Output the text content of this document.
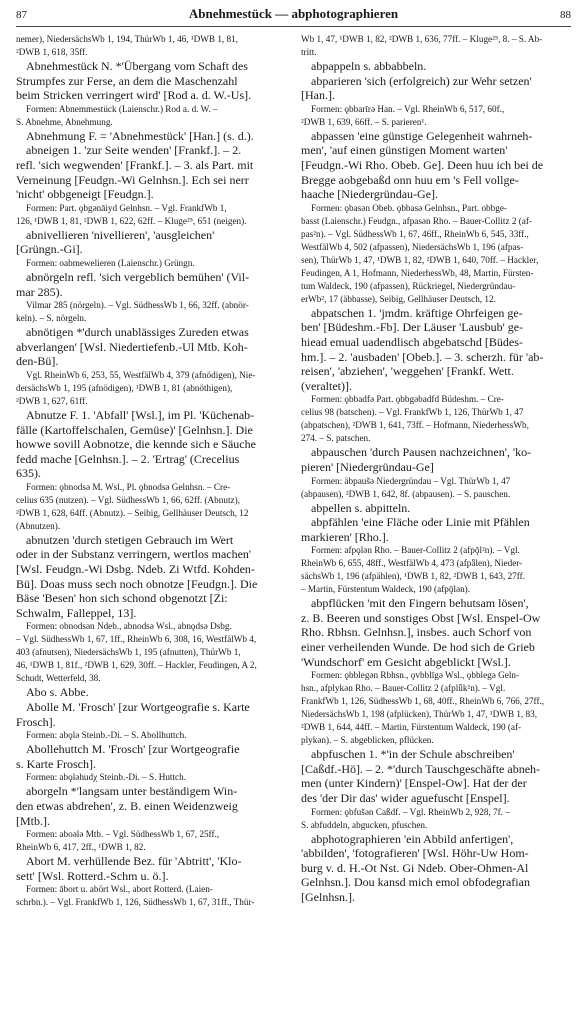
87	Abnehmestück — abphotographieren	88
nemer), NiedersächsWb 1, 194, ThürWb 1, 46, ¹DWB 1, 81,
²DWB 1, 618, 35ff.
Abnehmestück N. *'Übergang vom Schaft des
Strumpfes zur Ferse, an dem die Maschenzahl
beim Stricken verringert wird' [Rod a. d. W.-Us].
Formen: Abnemmestück (Laienschr.) Rod a. d. W. –
S. Abnehme, Abnehmung.
Abnehmung F. = 'Abnehmestück' [Han.] (s. d.).
abneigen 1. 'zur Seite wenden' [Frankf.]. – 2.
refl. 'sich wegwenden' [Frankf.]. – 3. als Part. mit
Verneinung [Feudgn.-Wi Gelnhsn.]. Ech sei nerr
'nicht' obbgeneigt [Feudgn.].
Formen: Part. ǫbgənāiyd Gelnhsn. – Vgl. FrankfWb 1,
126, ¹DWB 1, 81, ²DWB 1, 622, 62ff. – Kluge²⁵, 651 (neigen).
abnivellieren 'nivellieren', 'ausgleichen'
[Grüngn.-Gi].
Formen: oabmewelieren (Laienschr.) Grüngn.
abnörgeln refl. 'sich vergeblich bemühen' (Vil-
mar 285).
Vilmar 285 (nörgeln). – Vgl. SüdhessWb 1, 66, 32ff. (abnör-
keln). – S. nörgeln.
abnötigen *'durch unablässiges Zureden etwas
abverlangen' [Wsl. Niedertiefenb.-Ul Mtb. Koh-
den-Bü].
Vgl. RheinWb 6, 253, 55, WestfälWb 4, 379 (afnödigen), Nie-
dersächsWb 1, 195 (afnödigen), ¹DWB 1, 81 (abnöthigen),
²DWB 1, 627, 61ff.
Abnutze F. 1. 'Abfall' [Wsl.], im Pl. 'Küchenab-
fälle (Kartoffelschalen, Gemüse)' [Gelnhsn.]. Die
howwe sovill Aobnotze, die kennde sich e Säuche
fedd mache [Gelnhsn.]. – 2. 'Ertrag' (Crecelius
635).
Formen: ǫbnodsə M. Wsl., Pl. ǫbnodsə Gelnhsn. – Cre-
celius 635 (nutzen). – Vgl. SüdhessWb 1, 66, 62ff. (Abnutz),
²DWB 1, 628, 64ff. (Abnutz). – Seibig, Gellhäuser Deutsch, 12
(Abnutzen).
abnutzen 'durch stetigen Gebrauch im Wert
oder in der Substanz verringern, wertlos machen'
[Wsl. Feudgn.-Wi Dsbg. Ndeb. Zi Wtfd. Kohden-
Bü]. Doas muss sech noch obnotze [Feudgn.]. Die
Bäse 'Besen' hon sich schond obgenotzt [Zi:
Schwalm, Falleppel, 13].
Formen: obnodsən Ndeb., abnodsə Wsl., abnǫdsə Dsbg.
– Vgl. SüdhessWb 1, 67, 1ff., RheinWb 6, 308, 16, WestfälWb 4,
403 (afnutsen), NiedersächsWb 1, 195 (afnutten), ThürWb 1,
46, ¹DWB 1, 81f., ²DWB 1, 629, 30ff. – Hackler, Feudingen, A 2,
Schudt, Wetterfeld, 38.
Abo s. Abbe.
Abolle M. 'Frosch' [zur Wortgeografie s. Karte
Frosch].
Formen: abǫlə Steinb.-Di. – S. Abollhuttch.
Abollehuttch M. 'Frosch' [zur Wortgeografie
s. Karte Frosch].
Formen: abǫləhudχ Steinb.-Di. – S. Huttch.
aborgeln *'langsam unter beständigem Win-
den etwas abdrehen', z. B. einen Weidenzweig
[Mtb.].
Formen: aboəlǝ Mtb. – Vgl. SüdhessWb 1, 67, 25ff.,
RheinWb 6, 417, 2ff., ¹DWB 1, 82.
Abort M. verhüllende Bez. für 'Abtritt', 'Klo-
sett' [Wsl. Rotterd.-Schm u. ö.].
Formen: ābort u. abört Wsl., abort Rotterd. (Laien-
schrbn.). – Vgl. FrankfWb 1, 126, SüdhessWb 1, 67, 31ff., Thür-
Wb 1, 47, ¹DWB 1, 82, ²DWB 1, 636, 77ff. – Kluge²⁵, 8. – S. Ab-
tritt.
abpappeln s. abbabbeln.
abparieren 'sich (erfolgreich) zur Wehr setzen'
[Han.].
Formen: ǫbbarīrə Han. – Vgl. RheinWb 6, 517, 60f.,
²DWB 1, 639, 66ff. – S. parieren¹.
abpassen 'eine günstige Gelegenheit wahrneh-
men', 'auf einen günstigen Moment warten'
[Feudgn.-Wi Rho. Obeb. Ge]. Deen huu ich bei de
Bregge aobgebaßd onn huu em 's Fell vollge-
haache [Niedergründau-Ge].
Formen: ǫbasən Obeb. ǫbbasə Gelnhsn., Part. obbge-
basst (Laienschr.) Feudgn., afpasən Rho. – Bauer-Collitz 2 (af-
pas²n). – Vgl. SüdhessWb 1, 67, 46ff., RheinWb 6, 545, 33ff.,
WestfälWb 4, 502 (afpassen), NiedersächsWb 1, 196 (afpas-
sen), ThürWb 1, 47, ¹DWB 1, 82, ²DWB 1, 640, 70ff. – Hackler,
Feudingen, A 1, Hofmann, NiederhessWb, 48, Martin, Fürsten-
tum Waldeck, 190 (afpassen), Rückriegel, Niedergründau-
erWb², 17 (äbbasse), Seibig, Gellhäuser Deutsch, 12.
abpatschen 1. 'jmdm. kräftige Ohrfeigen ge-
ben' [Büdeshm.-Fb]. Der Läuser 'Lausbub' ge-
hiead emual uadendlisch abgebatschd [Büdes-
hm.]. – 2. 'ausbaden' [Obeb.]. – 3. scherzh. für 'ab-
reisen', 'abziehen', 'weggehen' [Frankf. Wett.
(veraltet)].
Formen: ǫbbadfə Part. ǫbbgəbadfd Büdeshm. – Cre-
celius 98 (batschen). – Vgl. FrankfWb 1, 126, ThürWb 1, 47
(abpatschen), ²DWB 1, 641, 73ff. – Hofmann, NiederhessWb,
274. – S. patschen.
abpauschen 'durch Pausen nachzeichnen', 'ko-
pieren' [Niedergründau-Ge]
Formen: äbpaušə Niedergründau – Vgl. ThürWb 1, 47
(abpausen), ²DWB 1, 642, 8f. (abpausen). – S. pauschen.
abpellen s. abpitteln.
abpfählen 'eine Fläche oder Linie mit Pfählen
markieren' [Rho.].
Formen: afpǫlən Rho. – Bauer-Collitz 2 (afpǭl²n). – Vgl.
RheinWb 6, 655, 48ff., WestfälWb 4, 473 (afpǟlen), Nieder-
sächsWb 1, 196 (afpählen), ¹DWB 1, 82, ²DWB 1, 643, 27ff.
– Martin, Fürstentum Waldeck, 190 (afpǭlǝn).
abpflücken 'mit den Fingern behutsam lösen',
z. B. Beeren und sonstiges Obst [Wsl. Enspel-Ow
Rho. Rbhsn. Gelnhsn.], insbes. auch Schorf von
einer verheilenden Wunde. De hod sich de Grieb
'Wundschorf' em Gesicht abgeblickt [Wsl.].
Formen: ǫbblegən Rbhsn., ǫvbblīgə Wsl., ǫbblegə Geln-
hsn., afplykən Rho. – Bauer-Collitz 2 (afplǖk²n). – Vgl.
FrankfWb 1, 126, SüdhessWb 1, 68, 40ff., RheinWb 6, 766, 27ff.,
NiedersächsWb 1, 198 (afplücken), ThürWb 1, 47, ¹DWB 1, 83,
²DWB 1, 644, 44ff. – Martin, Fürstentum Waldeck, 190 (af-
plykǝn). – S. abgeblicken, pflücken.
abpfuschen 1. *'in der Schule abschreiben'
[Caßdf.-Hö]. – 2. *'durch Tauschgeschäfte abneh-
men (unter Kindern)' [Enspel-Ow]. Hat der der
des 'der Dir das' wider aguefuscht [Enspel].
Formen: ǫbfušən Caßdf. – Vgl. RheinWb 2, 928, 7f. –
S. abfuddeln, abgucken, pfuschen.
abphotographieren 'ein Abbild anfertigen',
'abbilden', 'fotografieren' [Wsl. Höhr-Uw Hom-
burg v. d. H.-Ot Nst. Gi Ndeb. Ober-Ohmen-Al
Gelnhsn.]. Dou kansd mich emol obfodegrafian
[Gelnhsn.].
